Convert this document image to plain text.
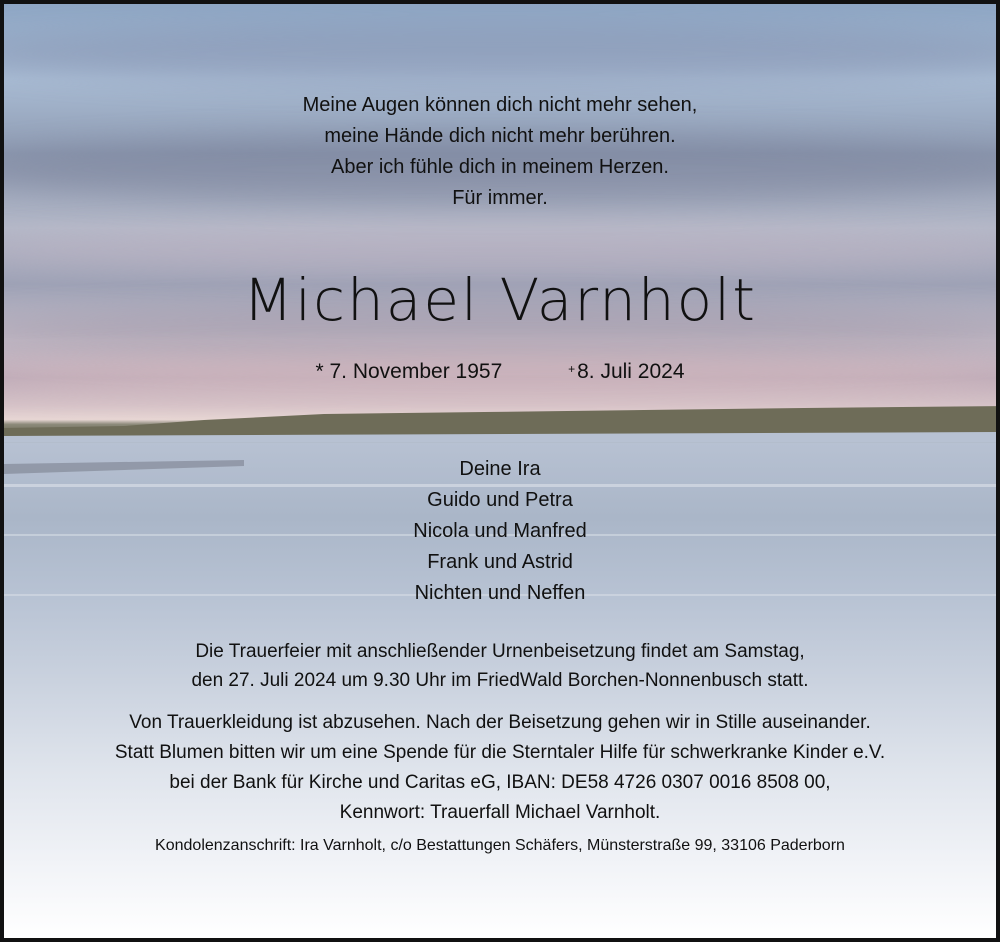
Meine Augen können dich nicht mehr sehen,
meine Hände dich nicht mehr berühren.
Aber ich fühle dich in meinem Herzen.
Für immer.
Michael Varnholt
* 7. November 1957	+8. Juli 2024
Deine Ira
Guido und Petra
Nicola und Manfred
Frank und Astrid
Nichten und Neffen
Die Trauerfeier mit anschließender Urnenbeisetzung findet am Samstag,
den 27. Juli 2024 um 9.30 Uhr im FriedWald Borchen-Nonnenbusch statt.
Von Trauerkleidung ist abzusehen. Nach der Beisetzung gehen wir in Stille auseinander.
Statt Blumen bitten wir um eine Spende für die Sterntaler Hilfe für schwerkranke Kinder e.V.
bei der Bank für Kirche und Caritas eG, IBAN: DE58 4726 0307 0016 8508 00,
Kennwort: Trauerfall Michael Varnholt.
Kondolenzanschrift: Ira Varnholt, c/o Bestattungen Schäfers, Münsterstraße 99, 33106 Paderborn
